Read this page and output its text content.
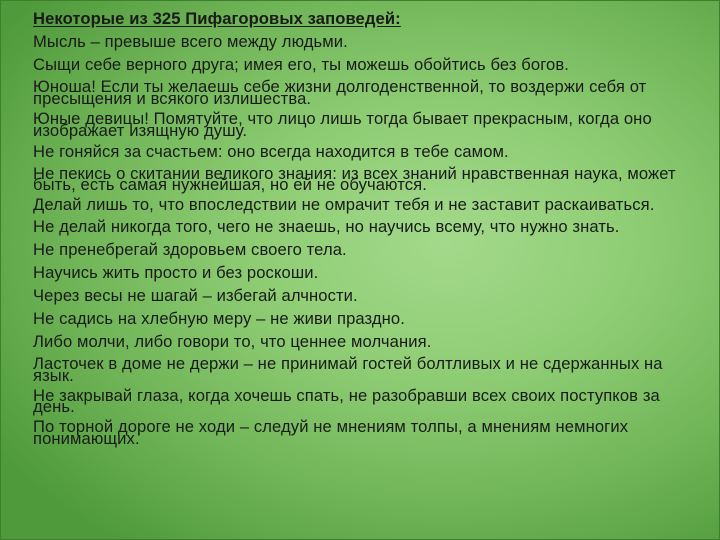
Некоторые из 325 Пифагоровых заповедей:
Мысль – превыше всего между людьми.
Сыщи себе верного друга; имея его, ты можешь обойтись без богов.
Юноша! Если ты желаешь себе жизни долгоденственной, то воздержи себя от пресыщения и всякого излишества.
Юные девицы! Помятуйте, что лицо лишь тогда бывает прекрасным, когда оно изображает изящную душу.
Не гоняйся за счастьем: оно всегда находится в тебе самом.
Не пекись о скитании великого знания: из всех знаний нравственная наука, может быть, есть самая нужнейшая, но ей не обучаются.
Делай лишь то, что впоследствии не омрачит тебя и не заставит раскаиваться.
Не делай никогда того, чего не знаешь, но научись всему, что нужно знать.
Не пренебрегай здоровьем своего тела.
Научись жить просто и без роскоши.
Через весы не шагай – избегай алчности.
Не садись на хлебную меру – не живи праздно.
Либо молчи, либо говори то, что ценнее молчания.
Ласточек в доме не держи – не принимай гостей болтливых и не сдержанных на язык.
Не закрывай глаза, когда хочешь спать, не разобравши всех своих поступков за день.
По торной дороге не ходи – следуй не мнениям толпы, а мнениям немногих понимающих.
